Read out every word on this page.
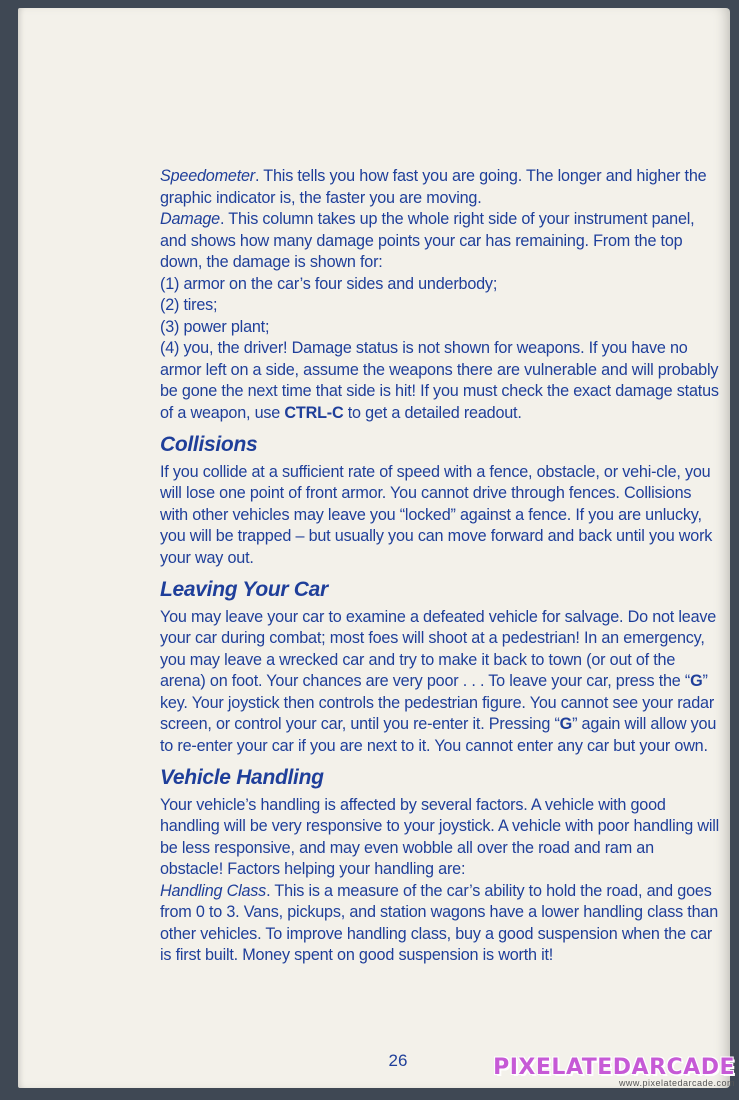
Speedometer. This tells you how fast you are going. The longer and higher the graphic indicator is, the faster you are moving.

Damage. This column takes up the whole right side of your instrument panel, and shows how many damage points your car has remaining. From the top down, the damage is shown for:

(1) armor on the car’s four sides and underbody;

(2) tires;

(3) power plant;

(4) you, the driver! Damage status is not shown for weapons. If you have no armor left on a side, assume the weapons there are vulnerable and will probably be gone the next time that side is hit! If you must check the exact damage status of a weapon, use CTRL-C to get a detailed readout.

Collisions

If you collide at a sufficient rate of speed with a fence, obstacle, or vehi-cle, you will lose one point of front armor. You cannot drive through fences. Collisions with other vehicles may leave you “locked” against a fence. If you are unlucky, you will be trapped – but usually you can move forward and back until you work your way out.

Leaving Your Car

You may leave your car to examine a defeated vehicle for salvage. Do not leave your car during combat; most foes will shoot at a pedestrian! In an emergency, you may leave a wrecked car and try to make it back to town (or out of the arena) on foot. Your chances are very poor . . . To leave your car, press the “G” key. Your joystick then controls the pedestrian figure. You cannot see your radar screen, or control your car, until you re-enter it. Pressing “G” again will allow you to re-enter your car if you are next to it. You cannot enter any car but your own.

Vehicle Handling

Your vehicle’s handling is affected by several factors. A vehicle with good handling will be very responsive to your joystick. A vehicle with poor handling will be less responsive, and may even wobble all over the road and ram an obstacle! Factors helping your handling are:

Handling Class. This is a measure of the car’s ability to hold the road, and goes from 0 to 3. Vans, pickups, and station wagons have a lower handling class than other vehicles. To improve handling class, buy a good suspension when the car is first built. Money spent on good suspension is worth it!

26	PIXELATEDARCADE
www.pixelatedarcade.com
